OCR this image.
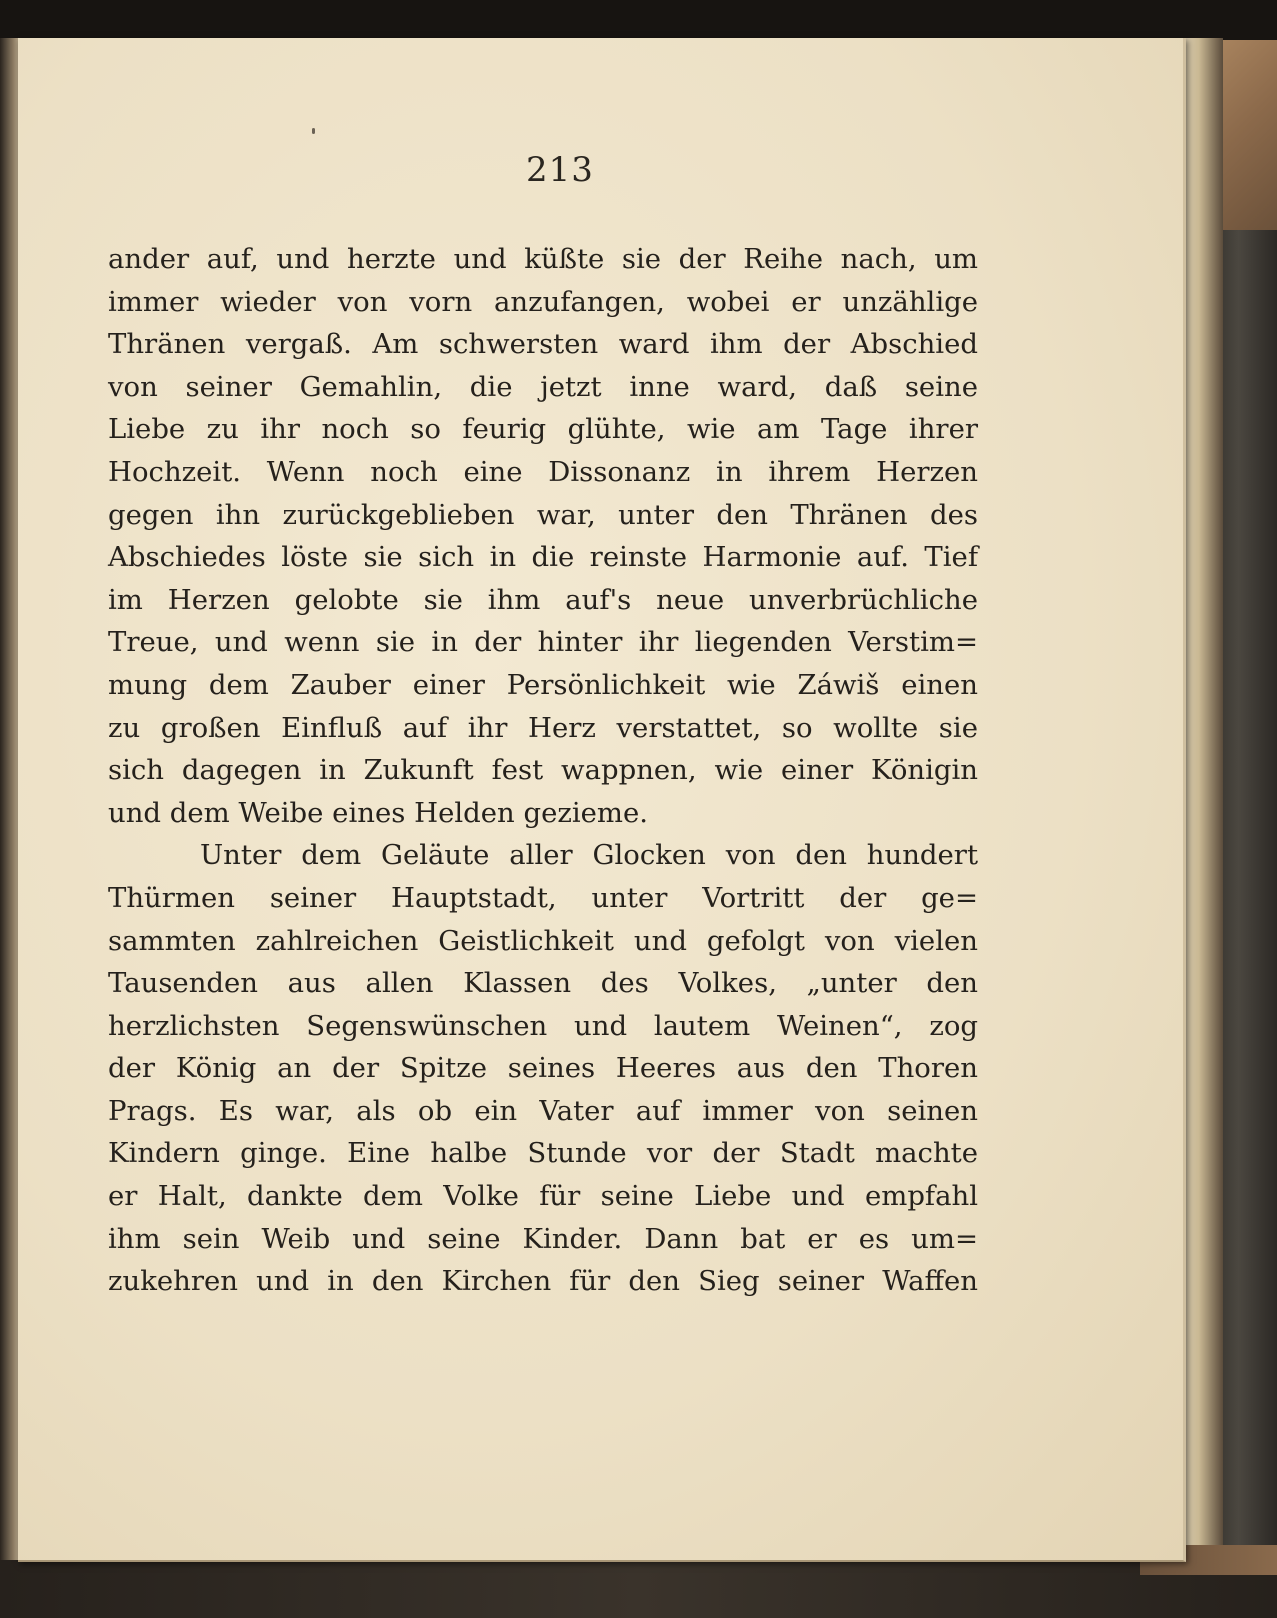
213
ander auf, und herzte und küßte sie der Reihe nach, um
immer wieder von vorn anzufangen, wobei er unzählige
Thränen vergaß. Am schwersten ward ihm der Abschied
von seiner Gemahlin, die jetzt inne ward, daß seine
Liebe zu ihr noch so feurig glühte, wie am Tage ihrer
Hochzeit. Wenn noch eine Dissonanz in ihrem Herzen
gegen ihn zurückgeblieben war, unter den Thränen des
Abschiedes löste sie sich in die reinste Harmonie auf. Tief
im Herzen gelobte sie ihm auf's neue unverbrüchliche
Treue, und wenn sie in der hinter ihr liegenden Verstim=
mung dem Zauber einer Persönlichkeit wie Záwiš einen
zu großen Einfluß auf ihr Herz verstattet, so wollte sie
sich dagegen in Zukunft fest wappnen, wie einer Königin
und dem Weibe eines Helden gezieme.
Unter dem Geläute aller Glocken von den hundert
Thürmen seiner Hauptstadt, unter Vortritt der ge=
sammten zahlreichen Geistlichkeit und gefolgt von vielen
Tausenden aus allen Klassen des Volkes, „unter den
herzlichsten Segenswünschen und lautem Weinen“, zog
der König an der Spitze seines Heeres aus den Thoren
Prags. Es war, als ob ein Vater auf immer von seinen
Kindern ginge. Eine halbe Stunde vor der Stadt machte
er Halt, dankte dem Volke für seine Liebe und empfahl
ihm sein Weib und seine Kinder. Dann bat er es um=
zukehren und in den Kirchen für den Sieg seiner Waffen
